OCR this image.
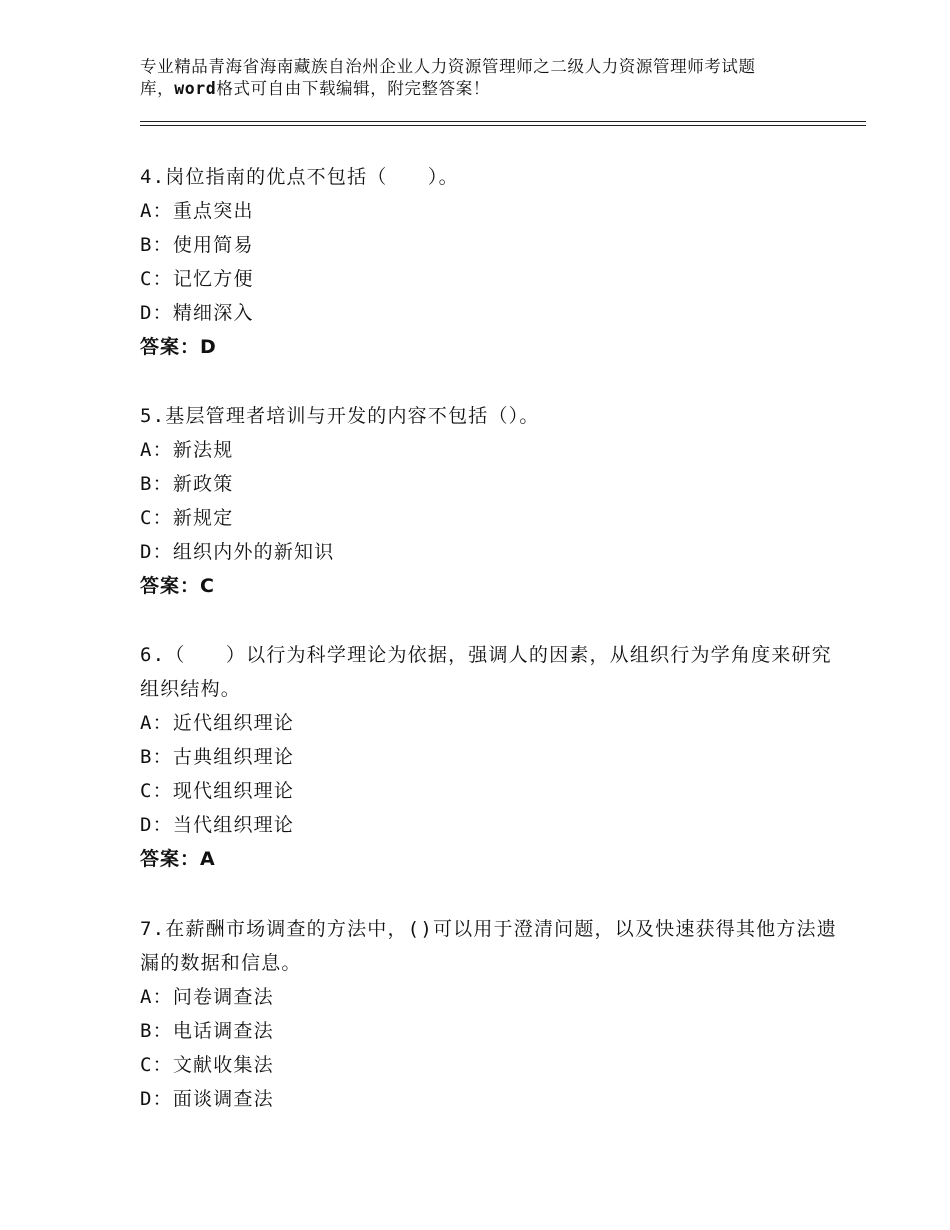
专业精品青海省海南藏族自治州企业人力资源管理师之二级人力资源管理师考试题
库，word格式可自由下载编辑，附完整答案！
4.岗位指南的优点不包括（　　）。
A：重点突出
B：使用简易
C：记忆方便
D：精细深入
答案：D
5.基层管理者培训与开发的内容不包括（）。
A：新法规
B：新政策
C：新规定
D：组织内外的新知识
答案：C
6.（　　）以行为科学理论为依据，强调人的因素，从组织行为学角度来研究组织结构。
A：近代组织理论
B：古典组织理论
C：现代组织理论
D：当代组织理论
答案：A
7.在薪酬市场调查的方法中，()可以用于澄清问题，以及快速获得其他方法遗漏的数据和信息。
A：问卷调查法
B：电话调查法
C：文献收集法
D：面谈调查法
